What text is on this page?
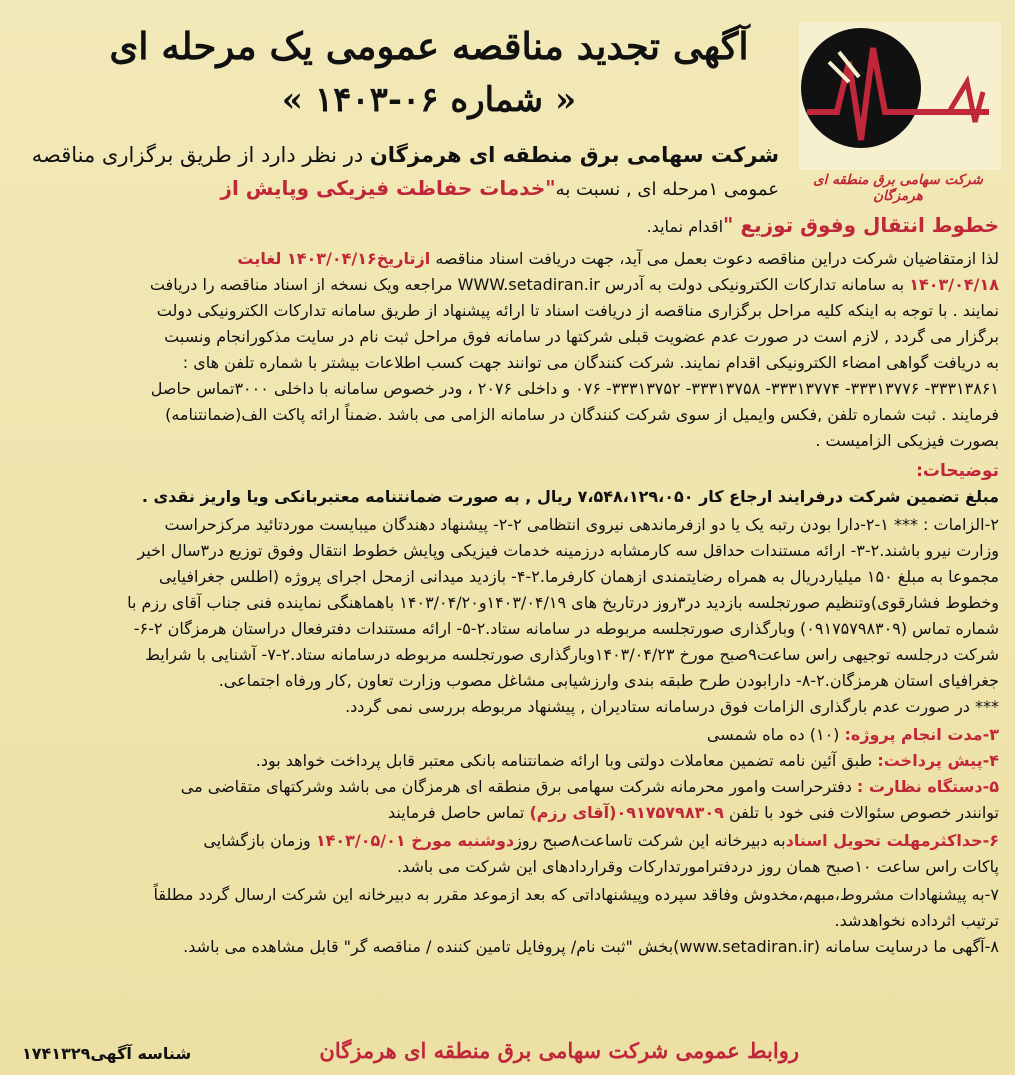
شرکت سهامی برق منطقه ای هرمزگان
آگهی تجدید مناقصه عمومی یک مرحله ای
« شماره ۰۶-۱۴۰۳ »
شرکت سهامی برق منطقه ای هرمزگان در نظر دارد از طریق برگزاری مناقصه
عمومی ۱مرحله ای , نسبت به"خدمات حفاظت فیزیکی وپایش از
خطوط انتقال وفوق توزیع "اقدام نماید.
لذا ازمتقاضیان شرکت دراین مناقصه دعوت بعمل می آید، جهت دریافت اسناد مناقصه ازتاریخ۱۴۰۳/۰۴/۱۶ لغایت
۱۴۰۳/۰۴/۱۸ به سامانه تدارکات الکترونیکی دولت به آدرس WWW.setadiran.ir مراجعه ویک نسخه از اسناد مناقصه را دریافت
نمایند . با توجه به اینکه کلیه مراحل برگزاری مناقصه از دریافت اسناد تا ارائه پیشنهاد از طریق سامانه تدارکات الکترونیکی دولت
برگزار می گردد , لازم است در صورت عدم عضویت قبلی شرکتها در سامانه فوق مراحل ثبت نام در سایت مذکورانجام ونسبت
به دریافت گواهی امضاء الکترونیکی اقدام نمایند. شرکت کنندگان می توانند جهت کسب اطلاعات بیشتر با شماره تلفن های :
۳۳۳۱۳۸۶۱- ۳۳۳۱۳۷۷۶- ۳۳۳۱۳۷۷۴- ۳۳۳۱۳۷۵۸- ۳۳۳۱۳۷۵۲- ۰۷۶ و داخلی ۲۰۷۶ ، ودر خصوص سامانه با داخلی ۳۰۰۰تماس حاصل
فرمایند . ثبت شماره تلفن ,فکس وایمیل از سوی شرکت کنندگان در سامانه الزامی می باشد .ضمناً ارائه پاکت الف(ضمانتنامه)
بصورت فیزیکی الزامیست .
توضیحات:
مبلغ تضمین شرکت درفرایند ارجاع کار ۷،۵۴۸،۱۲۹،۰۵۰ ریال , به صورت ضمانتنامه معتبربانکی ویا واریز نقدی .
۲-الزامات : *** ۱-۲-دارا بودن رتبه یک یا دو ازفرماندهی نیروی انتظامی ۲-۲- پیشنهاد دهندگان میبایست موردتائید مرکزحراست
وزارت نیرو باشند.۲-۳- ارائه مستندات حداقل سه کارمشابه درزمینه خدمات فیزیکی وپایش خطوط انتقال وفوق توزیع در۳سال اخیر
مجموعا به مبلغ ۱۵۰ میلیاردریال به همراه رضایتمندی ازهمان کارفرما.۲-۴- بازدید میدانی ازمحل اجرای پروژه (اطلس جغرافیایی
وخطوط فشارقوی)وتنظیم صورتجلسه بازدید در۳روز درتاریخ های ۱۴۰۳/۰۴/۱۹و۱۴۰۳/۰۴/۲۰ باهماهنگی نماینده فنی جناب آقای رزم با
شماره تماس (۰۹۱۷۵۷۹۸۳۰۹) وبارگذاری صورتجلسه مربوطه در سامانه ستاد.۲-۵- ارائه مستندات دفترفعال دراستان هرمزگان ۲-۶-
شرکت درجلسه توجیهی راس ساعت۹صبح مورخ ۱۴۰۳/۰۴/۲۳وبارگذاری صورتجلسه مربوطه درسامانه ستاد.۲-۷- آشنایی با شرایط
جغرافیای استان هرمزگان.۲-۸- دارابودن طرح طبقه بندی وارزشیابی مشاغل مصوب وزارت تعاون ,کار ورفاه اجتماعی.
*** در صورت عدم بارگذاری الزامات فوق درسامانه ستادیران , پیشنهاد مربوطه بررسی نمی گردد.
۳-مدت انجام پروژه: (۱۰) ده ماه شمسی
۴-پیش پرداخت: طبق آئین نامه تضمین معاملات دولتی وبا ارائه ضمانتنامه بانکی معتبر قابل پرداخت خواهد بود.
۵-دستگاه نظارت : دفترحراست وامور محرمانه شرکت سهامی برق منطقه ای هرمزگان می باشد وشرکتهای متقاضی می
توانندر خصوص سئوالات فنی خود با تلفن ۰۹۱۷۵۷۹۸۳۰۹(آقای رزم) تماس حاصل فرمایند
۶-حداکثرمهلت تحویل اسنادبه دبیرخانه این شرکت تاساعت۸صبح روزدوشنبه مورخ ۱۴۰۳/۰۵/۰۱ وزمان بازگشایی
پاکات راس ساعت ۱۰صبح همان روز دردفترامورتدارکات وقراردادهای این شرکت می باشد.
۷-به پیشنهادات مشروط،مبهم،مخدوش وفاقد سپرده وپیشنهاداتی که بعد ازموعد مقرر به دبیرخانه این شرکت ارسال گردد مطلقاً
ترتیب اثرداده نخواهدشد.
۸-آگهی ما درسایت سامانه (www.setadiran.ir)بخش "ثبت نام/ پروفایل تامین کننده / مناقصه گر" قابل مشاهده می باشد.
روابط عمومی شرکت سهامی برق منطقه ای هرمزگان
شناسه آگهی۱۷۴۱۳۲۹
